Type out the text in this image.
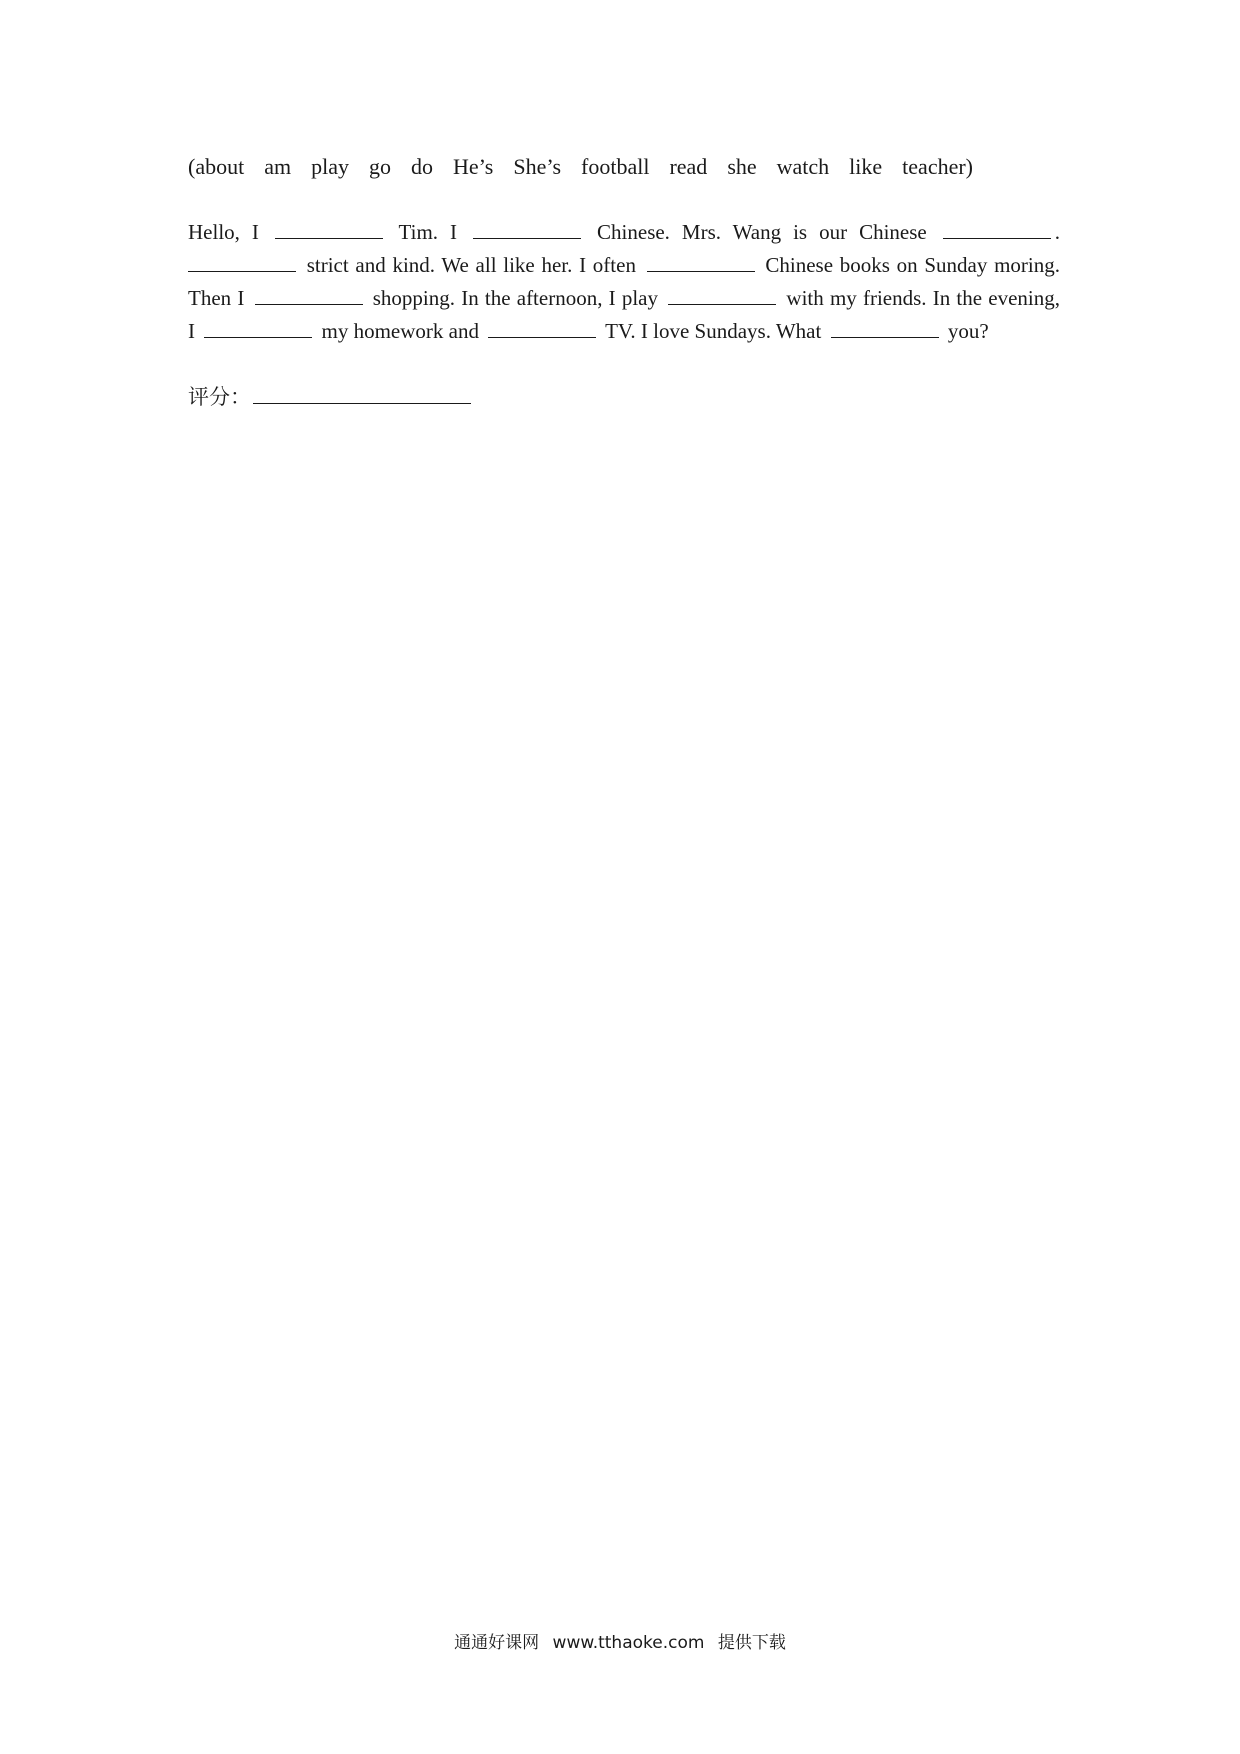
(about am play go do He’s She’s football read she watch like teacher)
Hello, I	Tim. I	Chinese. Mrs. Wang is our Chinese	.
strict and kind. We all like her. I often	Chinese books on Sunday moring.
Then I	shopping. In the afternoon, I play	with my friends. In the evening,
I	my homework and	TV. I love Sundays. What	you?
评分：
通通好课网 www.tthaoke.com 提供下载
